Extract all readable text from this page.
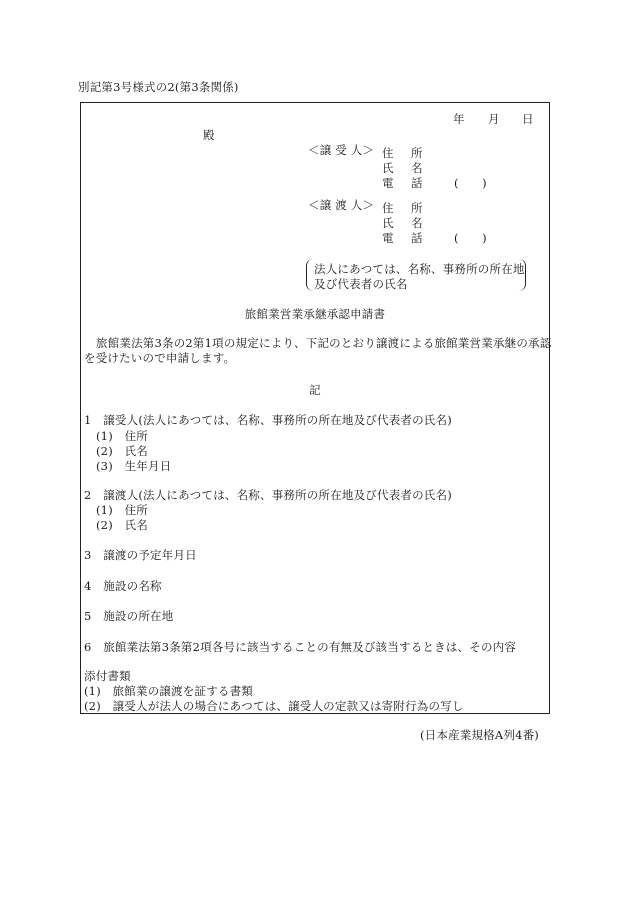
別記第3号様式の2(第3条関係)
年 月 日
殿
＜譲 受 人＞ 住　所
氏　名
電　話 (　　)
＜譲 渡 人＞ 住　所
氏　名
電　話 (　　)
法人にあつては、名称、事務所の所在地
及び代表者の氏名
旅館業営業承継承認申請書
旅館業法第3条の2第1項の規定により、下記のとおり譲渡による旅館業営業承継の承認
を受けたいので申請します。
記
1　譲受人(法人にあつては、名称、事務所の所在地及び代表者の氏名)
(1)　住所
(2)　氏名
(3)　生年月日
2　譲渡人(法人にあつては、名称、事務所の所在地及び代表者の氏名)
(1)　住所
(2)　氏名
3　譲渡の予定年月日
4　施設の名称
5　施設の所在地
6　旅館業法第3条第2項各号に該当することの有無及び該当するときは、その内容
添付書類
(1)　旅館業の譲渡を証する書類
(2)　譲受人が法人の場合にあつては、譲受人の定款又は寄附行為の写し
(日本産業規格A列4番)
